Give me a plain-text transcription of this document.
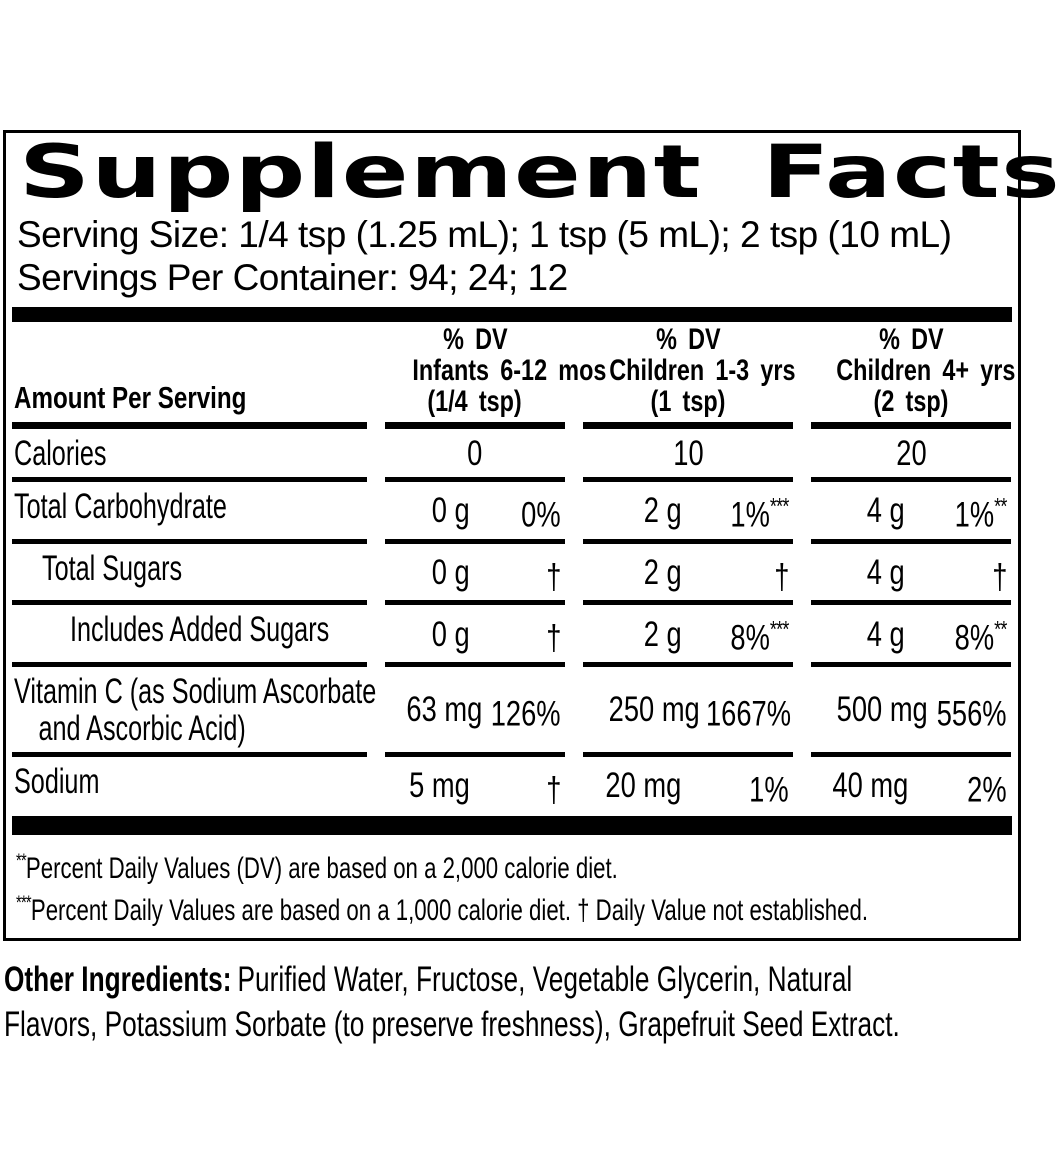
Supplement Facts
Serving Size: 1/4 tsp (1.25 mL); 1 tsp (5 mL); 2 tsp (10 mL)
Servings Per Container: 94; 24; 12
Amount Per Serving
% DV
Infants 6-12 mos
(1/4 tsp)
% DV
Children 1-3 yrs
(1 tsp)
% DV
Children 4+ yrs
(2 tsp)
Calories	0	10	20
Total Carbohydrate	0 g	0%	2 g	1%***	4 g	1%**
Total Sugars	0 g	†	2 g	†	4 g	†
Includes Added Sugars	0 g	†	2 g	8%***	4 g	8%**
Vitamin C (as Sodium Ascorbate
and Ascorbic Acid)	63 mg 126%	250 mg 1667%	500 mg 556%
Sodium	5 mg	†	20 mg	1%	40 mg	2%
**Percent Daily Values (DV) are based on a 2,000 calorie diet.
***Percent Daily Values are based on a 1,000 calorie diet. † Daily Value not established.
Other Ingredients: Purified Water, Fructose, Vegetable Glycerin, Natural
Flavors, Potassium Sorbate (to preserve freshness), Grapefruit Seed Extract.
